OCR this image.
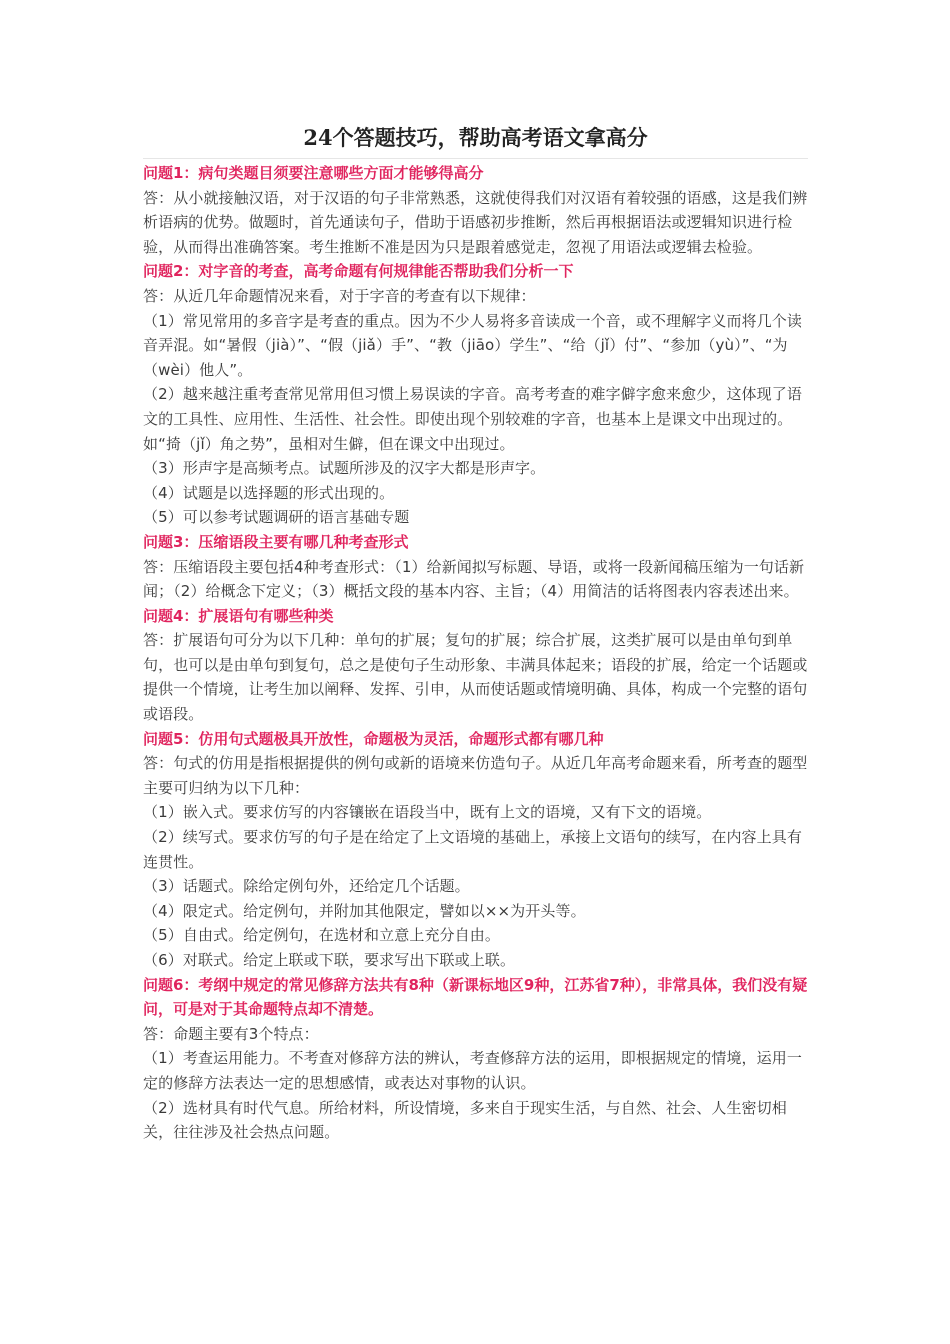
24个答题技巧，帮助高考语文拿高分

问题1：病句类题目须要注意哪些方面才能够得高分

答：从小就接触汉语，对于汉语的句子非常熟悉，这就使得我们对汉语有着较强的语感，这是我们辨析语病的优势。做题时，首先通读句子，借助于语感初步推断，然后再根据语法或逻辑知识进行检验，从而得出准确答案。考生推断不准是因为只是跟着感觉走，忽视了用语法或逻辑去检验。

问题2：对字音的考查，高考命题有何规律能否帮助我们分析一下

答：从近几年命题情况来看，对于字音的考查有以下规律：

（1）常见常用的多音字是考查的重点。因为不少人易将多音读成一个音，或不理解字义而将几个读音弄混。如“暑假（jià）”、“假（jiǎ）手”、“教（jiāo）学生”、“给（jǐ）付”、“参加（yù）”、“为（wèi）他人”。

（2）越来越注重考查常见常用但习惯上易误读的字音。高考考查的难字僻字愈来愈少，这体现了语文的工具性、应用性、生活性、社会性。即使出现个别较难的字音，也基本上是课文中出现过的。如“掎（jǐ）角之势”，虽相对生僻，但在课文中出现过。

（3）形声字是高频考点。试题所涉及的汉字大都是形声字。

（4）试题是以选择题的形式出现的。

（5）可以参考试题调研的语言基础专题

问题3：压缩语段主要有哪几种考查形式

答：压缩语段主要包括4种考查形式：（1）给新闻拟写标题、导语，或将一段新闻稿压缩为一句话新闻；（2）给概念下定义；（3）概括文段的基本内容、主旨；（4）用简洁的话将图表内容表述出来。

问题4：扩展语句有哪些种类

答：扩展语句可分为以下几种：单句的扩展；复句的扩展；综合扩展，这类扩展可以是由单句到单句，也可以是由单句到复句，总之是使句子生动形象、丰满具体起来；语段的扩展，给定一个话题或提供一个情境，让考生加以阐释、发挥、引申，从而使话题或情境明确、具体，构成一个完整的语句或语段。

问题5：仿用句式题极具开放性，命题极为灵活，命题形式都有哪几种

答：句式的仿用是指根据提供的例句或新的语境来仿造句子。从近几年高考命题来看，所考查的题型主要可归纳为以下几种：

（1）嵌入式。要求仿写的内容镶嵌在语段当中，既有上文的语境，又有下文的语境。

（2）续写式。要求仿写的句子是在给定了上文语境的基础上，承接上文语句的续写，在内容上具有连贯性。

（3）话题式。除给定例句外，还给定几个话题。

（4）限定式。给定例句，并附加其他限定，譬如以××为开头等。

（5）自由式。给定例句，在选材和立意上充分自由。

（6）对联式。给定上联或下联，要求写出下联或上联。

问题6：考纲中规定的常见修辞方法共有8种（新课标地区9种，江苏省7种），非常具体，我们没有疑问，可是对于其命题特点却不清楚。

答：命题主要有3个特点：

（1）考查运用能力。不考查对修辞方法的辨认，考查修辞方法的运用，即根据规定的情境，运用一定的修辞方法表达一定的思想感情，或表达对事物的认识。

（2）选材具有时代气息。所给材料，所设情境，多来自于现实生活，与自然、社会、人生密切相关，往往涉及社会热点问题。
